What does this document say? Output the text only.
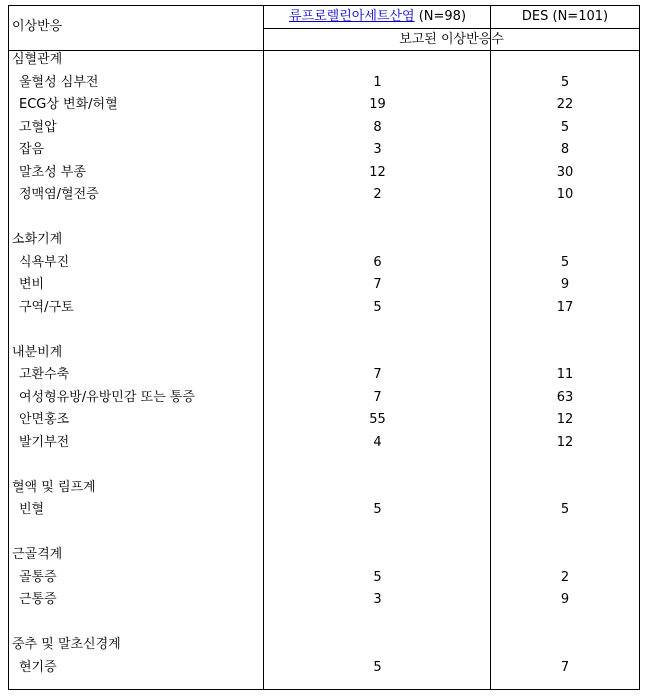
이상반응
류프로렐린아세트산염 (N=98)	DES (N=101)
보고된 이상반응수
심혈관계
울혈성 심부전	1	5
ECG상 변화/허혈	19	22
고혈압	8	5
잡음	3	8
말초성 부종	12	30
정맥염/혈전증	2	10
소화기계
식욕부진	6	5
변비	7	9
구역/구토	5	17
내분비계
고환수축	7	11
여성형유방/유방민감 또는 통증	7	63
안면홍조	55	12
발기부전	4	12
혈액 및 림프계
빈혈	5	5
근골격계
골통증	5	2
근통증	3	9
중추 및 말초신경계
현기증	5	7
